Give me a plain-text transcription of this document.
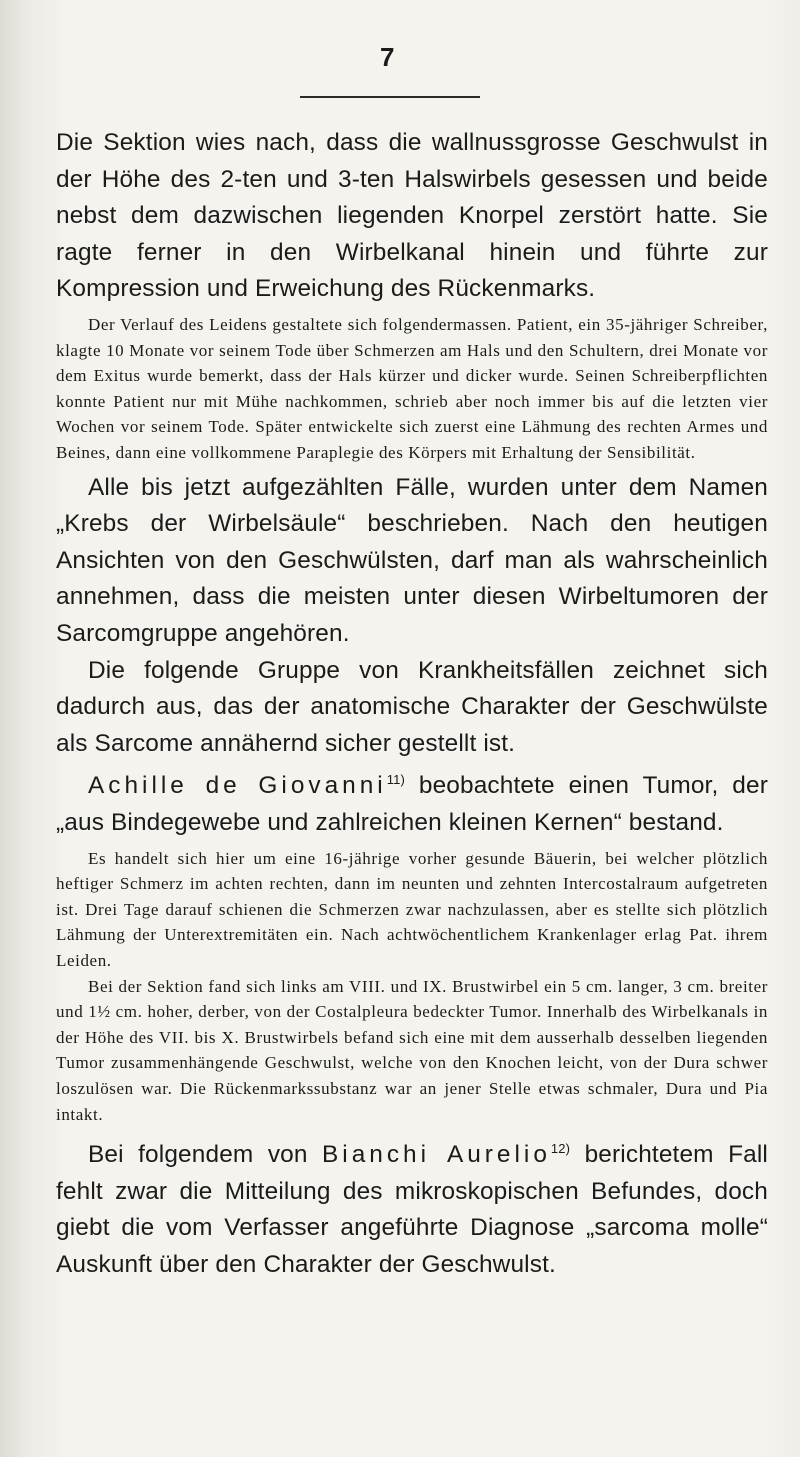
7

Die Sektion wies nach, dass die wallnussgrosse Geschwulst in der Höhe des 2-ten und 3-ten Halswirbels gesessen und beide nebst dem dazwischen liegenden Knorpel zerstört hatte. Sie ragte ferner in den Wirbelkanal hinein und führte zur Kompression und Erweichung des Rückenmarks.

Der Verlauf des Leidens gestaltete sich folgendermassen. Patient, ein 35-jähriger Schreiber, klagte 10 Monate vor seinem Tode über Schmerzen am Hals und den Schultern, drei Monate vor dem Exitus wurde bemerkt, dass der Hals kürzer und dicker wurde. Seinen Schreiberpflichten konnte Patient nur mit Mühe nachkommen, schrieb aber noch immer bis auf die letzten vier Wochen vor seinem Tode. Später entwickelte sich zuerst eine Lähmung des rechten Armes und Beines, dann eine vollkommene Paraplegie des Körpers mit Erhaltung der Sensibilität.

Alle bis jetzt aufgezählten Fälle, wurden unter dem Namen „Krebs der Wirbelsäule“ beschrieben. Nach den heutigen Ansichten von den Geschwülsten, darf man als wahrscheinlich annehmen, dass die meisten unter diesen Wirbeltumoren der Sarcomgruppe angehören.

Die folgende Gruppe von Krankheitsfällen zeichnet sich dadurch aus, das der anatomische Charakter der Geschwülste als Sarcome annähernd sicher gestellt ist.

Achille de Giovanni$^{11)}$ beobachtete einen Tumor, der „aus Bindegewebe und zahlreichen kleinen Kernen“ bestand.

Es handelt sich hier um eine 16-jährige vorher gesunde Bäuerin, bei welcher plötzlich heftiger Schmerz im achten rechten, dann im neunten und zehnten Intercostalraum aufgetreten ist. Drei Tage darauf schienen die Schmerzen zwar nachzulassen, aber es stellte sich plötzlich Lähmung der Unterextremitäten ein. Nach achtwöchentlichem Krankenlager erlag Pat. ihrem Leiden.

Bei der Sektion fand sich links am VIII. und IX. Brustwirbel ein 5 cm. langer, 3 cm. breiter und 1½ cm. hoher, derber, von der Costalpleura bedeckter Tumor. Innerhalb des Wirbelkanals in der Höhe des VII. bis X. Brustwirbels befand sich eine mit dem ausserhalb desselben liegenden Tumor zusammenhängende Geschwulst, welche von den Knochen leicht, von der Dura schwer loszulösen war. Die Rückenmarkssubstanz war an jener Stelle etwas schmaler, Dura und Pia intakt.

Bei folgendem von Bianchi Aurelio$^{12)}$ berichtetem Fall fehlt zwar die Mitteilung des mikroskopischen Befundes, doch giebt die vom Verfasser angeführte Diagnose „sarcoma molle“ Auskunft über den Charakter der Geschwulst.
